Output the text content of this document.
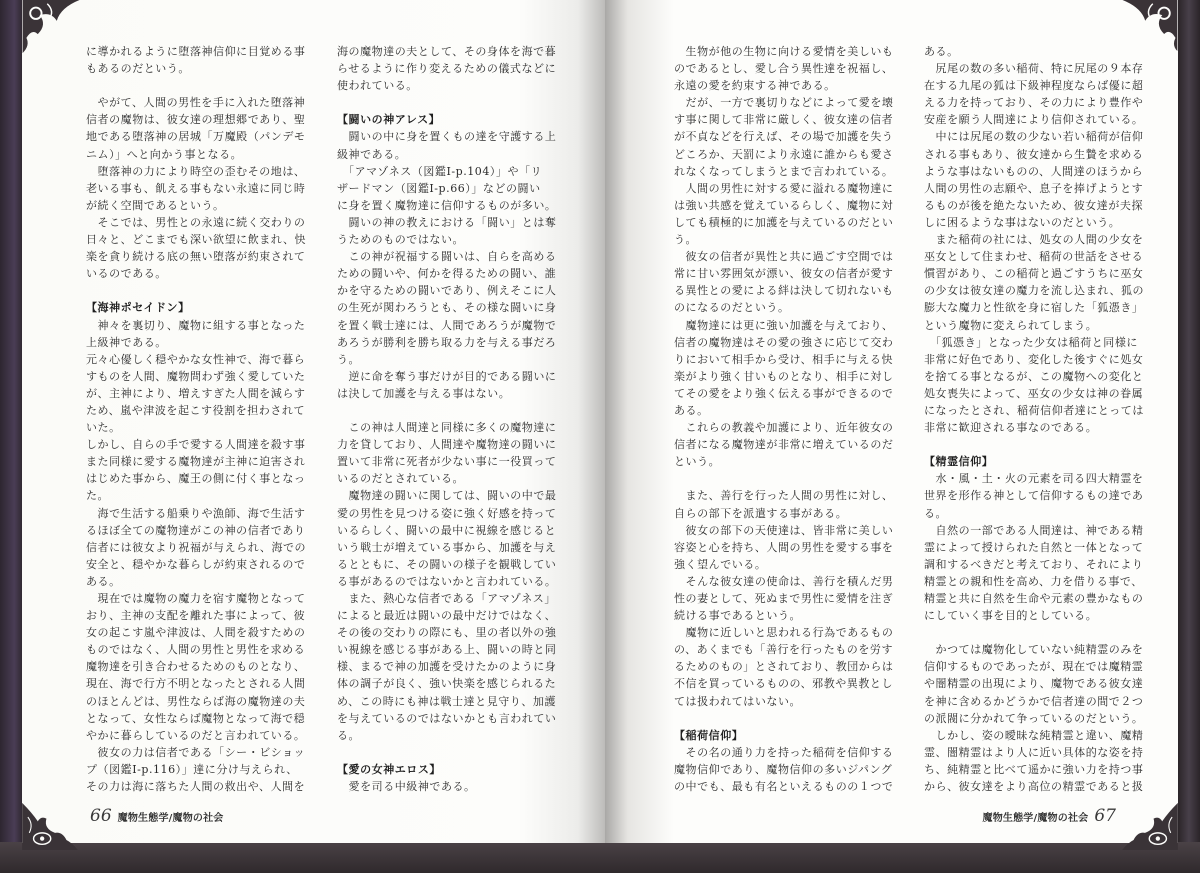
に導かれるように堕落神信仰に目覚める事
もあるのだという。
　やがて、人間の男性を手に入れた堕落神
信者の魔物は、彼女達の理想郷であり、聖
地である堕落神の居城「万魔殿（パンデモ
ニム）」へと向かう事となる。
　堕落神の力により時空の歪むその地は、
老いる事も、飢える事もない永遠に同じ時
が続く空間であるという。
　そこでは、男性との永遠に続く交わりの
日々と、どこまでも深い欲望に飲まれ、快
楽を貪り続ける底の無い堕落が約束されて
いるのである。
【海神ポセイドン】
　神々を裏切り、魔物に組する事となった
上級神である。
元々心優しく穏やかな女性神で、海で暮ら
すものを人間、魔物問わず強く愛していた
が、主神により、増えすぎた人間を減らす
ため、嵐や津波を起こす役割を担わされて
いた。
しかし、自らの手で愛する人間達を殺す事
また同様に愛する魔物達が主神に迫害され
はじめた事から、魔王の側に付く事となっ
た。
　海で生活する船乗りや漁師、海で生活す
るほぼ全ての魔物達がこの神の信者であり
信者には彼女より祝福が与えられ、海での
安全と、穏やかな暮らしが約束されるので
ある。
　現在では魔物の魔力を宿す魔物となって
おり、主神の支配を離れた事によって、彼
女の起こす嵐や津波は、人間を殺すための
ものではなく、人間の男性と男性を求める
魔物達を引き合わせるためのものとなり、
現在、海で行方不明となったとされる人間
のほとんどは、男性ならば海の魔物達の夫
となって、女性ならば魔物となって海で穏
やかに暮らしているのだと言われている。
　彼女の力は信者である「シー・ビショッ
プ（図鑑Ⅰ-p.116）」達に分け与えられ、
その力は海に落ちた人間の救出や、人間を
海の魔物達の夫として、その身体を海で暮
らせるように作り変えるための儀式などに
使われている。
【闘いの神アレス】
　闘いの中に身を置くもの達を守護する上
級神である。
　「アマゾネス（図鑑Ⅰ-p.104）」や「リ
ザードマン（図鑑Ⅰ-p.66）」などの闘い
に身を置く魔物達に信仰するものが多い。
　闘いの神の教えにおける「闘い」とは奪
うためのものではない。
　この神が祝福する闘いは、自らを高める
ための闘いや、何かを得るための闘い、誰
かを守るための闘いであり、例えそこに人
の生死が関わろうとも、その様な闘いに身
を置く戦士達には、人間であろうが魔物で
あろうが勝利を勝ち取る力を与える事だろ
う。
　逆に命を奪う事だけが目的である闘いに
は決して加護を与える事はない。
　この神は人間達と同様に多くの魔物達に
力を貸しており、人間達や魔物達の闘いに
置いて非常に死者が少ない事に一役買って
いるのだとされている。
　魔物達の闘いに関しては、闘いの中で最
愛の男性を見つける姿に強く好感を持って
いるらしく、闘いの最中に視線を感じると
いう戦士が増えている事から、加護を与え
るとともに、その闘いの様子を観戦してい
る事があるのではないかと言われている。
　また、熱心な信者である「アマゾネス」
によると最近は闘いの最中だけではなく、
その後の交わりの際にも、里の者以外の強
い視線を感じる事がある上、闘いの時と同
様、まるで神の加護を受けたかのように身
体の調子が良く、強い快楽を感じられるた
め、この時にも神は戦士達と見守り、加護
を与えているのではないかとも言われてい
る。
【愛の女神エロス】
　愛を司る中級神である。
　生物が他の生物に向ける愛情を美しいも
のであるとし、愛し合う異性達を祝福し、
永遠の愛を約束する神である。
　だが、一方で裏切りなどによって愛を壊
す事に関して非常に厳しく、彼女達の信者
が不貞などを行えば、その場で加護を失う
どころか、天罰により永遠に誰からも愛さ
れなくなってしまうとまで言われている。
　人間の男性に対する愛に溢れる魔物達に
は強い共感を覚えているらしく、魔物に対
しても積極的に加護を与えているのだとい
う。
　彼女の信者が異性と共に過ごす空間では
常に甘い雰囲気が漂い、彼女の信者が愛す
る異性との愛による絆は決して切れないも
のになるのだという。
　魔物達には更に強い加護を与えており、
信者の魔物達はその愛の強さに応じて交わ
りにおいて相手から受け、相手に与える快
楽がより強く甘いものとなり、相手に対し
てその愛をより強く伝える事ができるので
ある。
　これらの教義や加護により、近年彼女の
信者になる魔物達が非常に増えているのだ
という。
　また、善行を行った人間の男性に対し、
自らの部下を派遣する事がある。
　彼女の部下の天使達は、皆非常に美しい
容姿と心を持ち、人間の男性を愛する事を
強く望んでいる。
　そんな彼女達の使命は、善行を積んだ男
性の妻として、死ぬまで男性に愛情を注ぎ
続ける事であるという。
　魔物に近しいと思われる行為であるもの
の、あくまでも「善行を行ったものを労す
るためのもの」とされており、教団からは
不信を買っているものの、邪教や異教とし
ては扱われてはいない。
【稲荷信仰】
　その名の通り力を持った稲荷を信仰する
魔物信仰であり、魔物信仰の多いジパング
の中でも、最も有名といえるものの１つで
ある。
　尻尾の数の多い稲荷、特に尻尾の９本存
在する九尾の狐は下級神程度ならば優に超
える力を持っており、その力により豊作や
安産を願う人間達により信仰されている。
　中には尻尾の数の少ない若い稲荷が信仰
される事もあり、彼女達から生贄を求める
ような事はないものの、人間達のほうから
人間の男性の志願や、息子を捧げようとす
るものが後を絶たないため、彼女達が夫探
しに困るような事はないのだという。
　また稲荷の社には、処女の人間の少女を
巫女として住まわせ、稲荷の世話をさせる
慣習があり、この稲荷と過ごすうちに巫女
の少女は彼女達の魔力を流し込まれ、狐の
膨大な魔力と性欲を身に宿した「狐憑き」
という魔物に変えられてしまう。
　「狐憑き」となった少女は稲荷と同様に
非常に好色であり、変化した後すぐに処女
を捨てる事となるが、この魔物への変化と
処女喪失によって、巫女の少女は神の眷属
になったとされ、稲荷信仰者達にとっては
非常に歓迎される事なのである。
【精霊信仰】
　水・風・土・火の元素を司る四大精霊を
世界を形作る神として信仰するもの達であ
る。
　自然の一部である人間達は、神である精
霊によって授けられた自然と一体となって
調和するべきだと考えており、それにより
精霊との親和性を高め、力を借りる事で、
精霊と共に自然を生命や元素の豊かなもの
にしていく事を目的としている。
　かつては魔物化していない純精霊のみを
信仰するものであったが、現在では魔精霊
や闇精霊の出現により、魔物である彼女達
を神に含めるかどうかで信者達の間で２つ
の派閥に分かれて争っているのだという。
　しかし、姿の曖昧な純精霊と違い、魔精
霊、闇精霊はより人に近い具体的な姿を持
ち、純精霊と比べて遥かに強い力を持つ事
から、彼女達をより高位の精霊であると扱
66 魔物生態学/魔物の社会	魔物生態学/魔物の社会 67
